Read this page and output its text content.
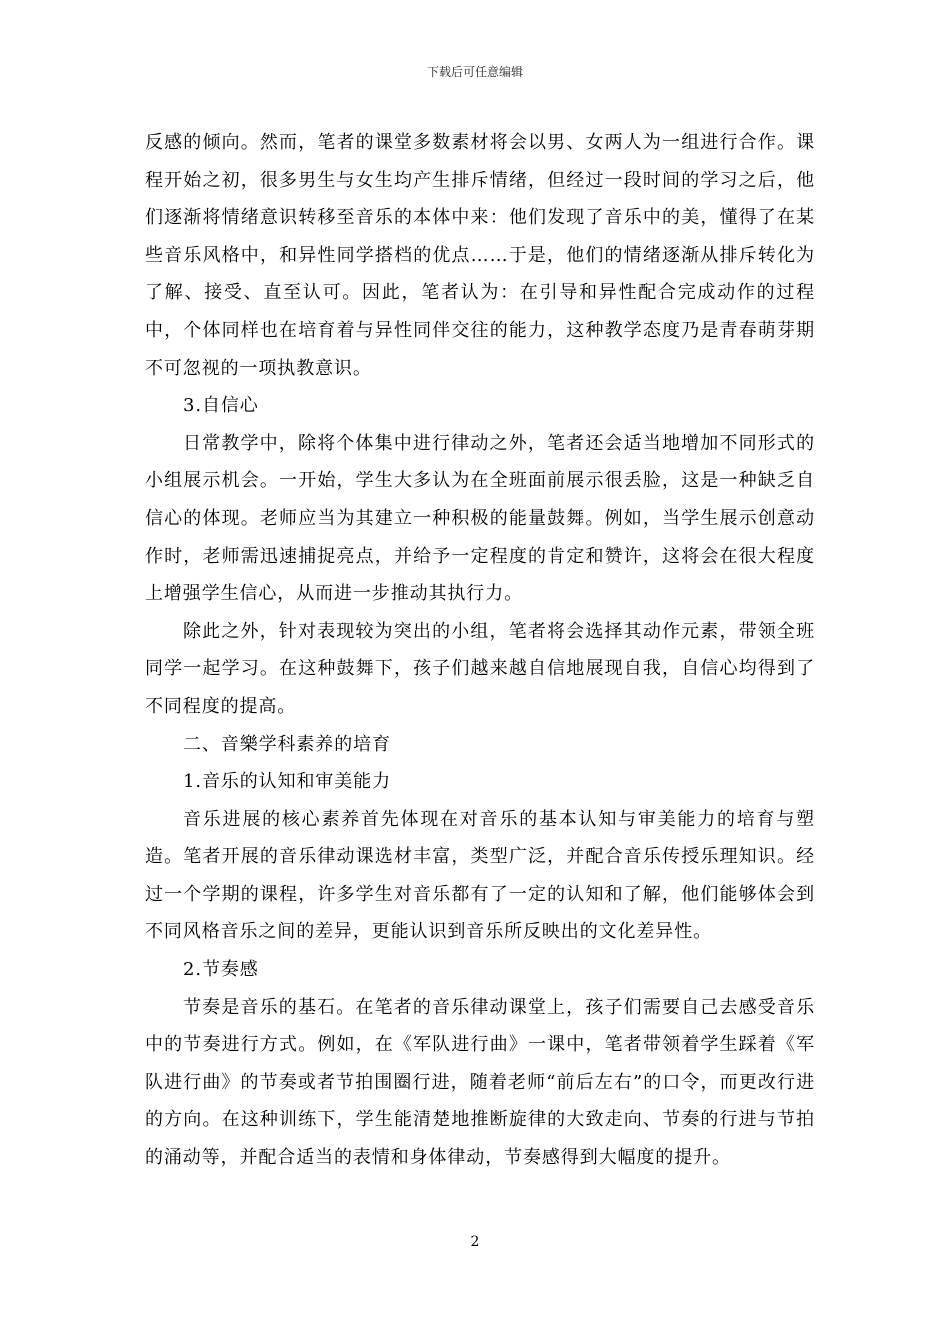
下载后可任意编辑

反感的倾向。然而，笔者的课堂多数素材将会以男、女两人为一组进行合作。课程开始之初，很多男生与女生均产生排斥情绪，但经过一段时间的学习之后，他们逐渐将情绪意识转移至音乐的本体中来：他们发现了音乐中的美，懂得了在某些音乐风格中，和异性同学搭档的优点……于是，他们的情绪逐渐从排斥转化为了解、接受、直至认可。因此，笔者认为：在引导和异性配合完成动作的过程中，个体同样也在培育着与异性同伴交往的能力，这种教学态度乃是青春萌芽期不可忽视的一项执教意识。

3.自信心

日常教学中，除将个体集中进行律动之外，笔者还会适当地增加不同形式的小组展示机会。一开始，学生大多认为在全班面前展示很丢脸，这是一种缺乏自信心的体现。老师应当为其建立一种积极的能量鼓舞。例如，当学生展示创意动作时，老师需迅速捕捉亮点，并给予一定程度的肯定和赞许，这将会在很大程度上增强学生信心，从而进一步推动其执行力。

除此之外，针对表现较为突出的小组，笔者将会选择其动作元素，带领全班同学一起学习。在这种鼓舞下，孩子们越来越自信地展现自我，自信心均得到了不同程度的提高。

二、音樂学科素养的培育

1.音乐的认知和审美能力

音乐进展的核心素养首先体现在对音乐的基本认知与审美能力的培育与塑造。笔者开展的音乐律动课选材丰富，类型广泛，并配合音乐传授乐理知识。经过一个学期的课程，许多学生对音乐都有了一定的认知和了解，他们能够体会到不同风格音乐之间的差异，更能认识到音乐所反映出的文化差异性。

2.节奏感

节奏是音乐的基石。在笔者的音乐律动课堂上，孩子们需要自己去感受音乐中的节奏进行方式。例如，在《军队进行曲》一课中，笔者带领着学生踩着《军队进行曲》的节奏或者节拍围圈行进，随着老师“前后左右”的口令，而更改行进的方向。在这种训练下，学生能清楚地推断旋律的大致走向、节奏的行进与节拍的涌动等，并配合适当的表情和身体律动，节奏感得到大幅度的提升。

2
